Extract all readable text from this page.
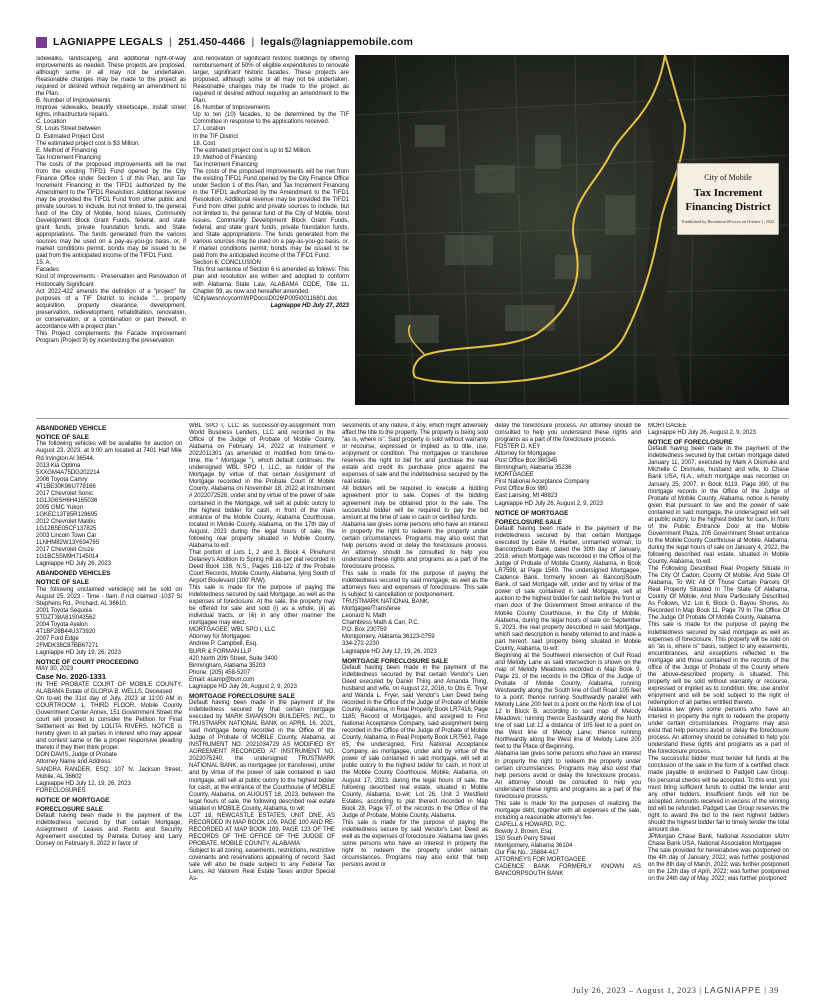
LAGNIAPPE LEGALS | 251.450-4466 | legals@lagniappemobile.com

sidewalks, landscaping, and additional right-of-way improvements as needed. These projects are proposed, although some or all may not be undertaken. Reasonable changes may be made to the project as required or desired without requiring an amendment to the Plan.

B. Number of Improvements

Improve sidewalks, beautify streetscape, install street lights, infrastructure repairs.

C. Location

St. Louis Street between

D. Estimated Project Cost

The estimated project cost is $3 Million.

E. Method of Financing

Tax Increment Financing

The costs of the proposed improvements will be met from the existing TIFD1 Fund opened by the City Finance Office under Section 1 of this Plan, and Tax Increment Financing in the TIFD1 authorized by the Amendment to the TIFD1 Resolution. Additional revenue may be provided the TIFD1 Fund from other public and private sources to include, but not limited to, the general fund of the City of Mobile, bond issues, Community Development Block Grant Funds, federal, and state grant funds, private foundation funds, and State appropriations. The funds generated from the various sources may be used on a pay-as-you-go basis, or, if market conditions permit, bonds may be issued to be paid from the anticipated income of the TIFD1 Fund.

15. A.

Facades

Kind of Improvements - Preservation and Renovation of Historically Significant

Act 2022-422 amends the definition of a "project" for purposes of a TIF District to include "... property acquisition, property clearance, development, preservation, redevelopment, rehabilitation, renovation, or conservation, or a combination or part thereof, in accordance with a project plan."

This Project complements the Facade Improvement Program (Project 9) by incentivizing the preservation

and renovation of significant historic buildings by offering reimbursement of 50% of eligible expenditures to renovate larger, significant historic facades. These projects are proposed, although some or all may not be undertaken. Reasonable changes may be made to the project as required or desired without requiring an amendment to the Plan.

16. Number of Improvements

Up to ten (10) facades, to be determined by the TIF Committee in response to the applications received.

17. Location

In the TIF District

18. Cost

The estimated project cost is up to $2 Million.

19. Method of Financing

Tax Increment Financing

The costs of the proposed improvements will be met from the existing TIFD1 Fund opened by the City Finance Office under Section 1 of this Plan, and Tax Increment Financing in the TIFD1 authorized by the Amendment to the TIFD1 Resolution. Additional revenue may be provided the TIFD1 Fund from other public and private sources to include, but not limited to, the general fund of the City of Mobile, bond issues, Community Development Block Grant Funds, federal, and state grant funds, private foundation funds, and State appropriations. The funds generated from the various sources may be used on a pay-as-you-go basis, or, if market conditions permit, bonds may be issued to be paid from the anticipated income of the TIFD1 Fund.

Section 6: CONCLUSION

This first sentence of Section 6 is amended as follows: This plan and resolution are written and adopted to conform with Alabama State Law, ALABAMA CODE, Title 11, Chapter 99, as now and hereafter amended.

\\Citylawsrv\cycom\WPDocs\D026\P005\00116801.doc

Lagniappe HD July 27, 2023

City of Mobile
Tax Increment
Financing District
Established by Resolution 60-xxxx on October 1, 2022

ABANDONED VEHICLE

NOTICE OF SALE

The following vehicles will be available for auction on August 23, 2023, at 9:00 am located at 7401 Half Mile Rd Irvington Al 36544.

2013 Kia Optima

5XXGM4A75DG202214

2006 Toyota Camry

4T1BE30K96U778166

2017 Chevrolet Sonic

1G1JG6SH6H4165036

2005 GMC Yukon

1GKEC13T85R128695

2012 Chevrolet Malibu

1G12B5E05CF137825

2003 Lincoln Town Car

1LNHM82W13Y634765

2017 Chevrolet Cruze

1G1BC5SM9H7145014

Lagniappe HD July 26, 2023

ABANDONED VEHICLES

NOTICE OF SALE

The following unclaimed vehicle(s) will be sold on August 25, 2023 - Time - 9am, if not claimed -1037 St Stephens Rd., Prichard, AL 36610.

2001 Toyota Sequoia

5TDZT38A81S043562

2004 Toyota Avalon

4T1BF28B44U373920

2007 Ford Edge

2FMDK38C87BB67271

Lagniappe HD July 19, 26, 2023

NOTICE OF COURT PROCEEDING

MAY 30, 2023

Case No. 2020-1331

IN THE PROBATE COURT OF MOBILE COUNTY, ALABAMA Estate of GLORIA B. WELLS, Deceased

On to-wit the 31st day of July, 2023 at 11:00 AM in COURTROOM 1, THIRD FLOOR, Mobile County Government Center Annex, 151 Government Street the court will proceed to consider the Petition for Final Settlement as filed by LOLITA RIVERS. NOTICE is hereby given to all parties in interest who may appear and contest same or file a proper responsive pleading thereto if they then think proper.

DON DAVIS, Judge of Probate

Attorney Name and Address:

SANDRA RANDER, ESQ. 107 N. Jackson Street, Mobile, AL 36602

Lagniappe HD July 12, 19, 26, 2023

FORECLOSURES

NOTICE OF MORTGAGE

FORECLOSURE SALE

Default having been made in the payment of the indebtedness secured by that certain Mortgage, Assignment of Leases and Rents and Security Agreement executed by Pamela Dorsey and Larry Dorsey on February 8, 2022 in favor of

WBL SPO I, LLC as successor-by-assignment from World Business Lenders, LLC and recorded in the Office of the Judge of Probate of Mobile County, Alabama on February 14, 2022 at Instrument # 2022011301 (as amended or modified from time-to-time, the " Mortgage "), which default continues, the undersigned WBL SPO I, LLC, as holder of the Mortgage by virtue of that certain Assignment of Mortgage recorded in the Probate Court of Mobile County, Alabama on November 18, 2022 at Instrument # 2022072528, under and by virtue of the power of sale contained in the Mortgage, will sell at public outcry to the highest bidder for cash, in front of the main entrance of the Mobile County, Alabama Courthouse, located in Mobile County, Alabama, on the 17th day of August, 2023 during the legal hours of sale, the following real property situated in Mobile County, Alabama to-wit:

That portion of Lots 1, 2 and 3, Block 4, Pinehurst Delaney's Addition to Spring Hill as per plat recorded in Deed Book 138, N.S., Pages 118-122 of the Probate Court Records, Mobile County, Alabama, lying South of Airport Boulevard (100' R/W).

This sale is made for the purpose of paying the indebtedness secured by said Mortgage, as well as the expenses of foreclosure. At the sale, the property may be offered for sale and sold (i) as a whole, (ii) as individual tracts, or (iii) in any other manner the mortgagee may elect.

MORTGAGEE: WBL SPO I, LLC

Attorney for Mortgagee:

Andrew P. Campbell, Esq.

BURR & FORMAN LLP

420 North 20th Street, Suite 3400

Birmingham, Alabama 35203

Phone: (205) 458-5207

Email: acamp@burr.com

Lagniappe HD July 26, August 2, 9, 2023

MORTGAGE FORECLOSURE SALE

Default having been made in the payment of the indebtedness secured by that certain mortgage executed by MARK SWANSON BUILDERS, INC., to TRUSTMARK NATIONAL BANK on APRIL 16, 2021, said mortgage being recorded in the Office of the Judge of Probate of MOBILE County, Alabama, at INSTRUMENT NO. 2021034729 AS MODIFIED BY AGREEMENT RECORDED AT INSTRUMENT NO. 2022075240, the undersigned TRUSTMARK NATIONAL BANK, as mortgagee (or transferee), under and by virtue of the power of sale contained in said mortgage, will sell at public outcry to the highest bidder for cash, at the entrance of the Courthouse of MOBILE County, Alabama, on AUGUST 18, 2023, between the legal hours of sale, the following described real estate situated in MOBILE County, Alabama, to wit:

LOT 18, NEWCASTLE ESTATES, UNIT ONE, AS RECORDED IN MAP BOOK 109, PAGE 100 AND RE-RECORDED AT MAP BOOK 109, PAGE 123 OF THE RECORDS OF THE OFFICE OF THE JUDGE OF PROBATE, MOBILE COUNTY, ALABAMA

Subject to all zoning, easements, restrictions, restrictive covenants and reservations appearing of record. Said sale will also be made subject to any Federal Tax Liens, Ad Valorem Real Estate Taxes and/or Special As-

sessments of any nature, if any, which might adversely affect the title to the property. The property is being sold "as is, where is". Said property is sold without warranty or recourse, expressed or implied as to title, use, enjoyment or condition. The mortgagee or transferee reserves the right to bid for and purchase the real estate and credit its purchase price against the expenses of sale and the indebtedness secured by the real estate.

All bidders will be required to execute a bidding agreement prior to sale. Copies of the bidding agreement may be obtained prior to the sale. The successful bidder will be required to pay the bid amount at the time of sale in cash or certified funds.

Alabama law gives some persons who have an interest in property the right to redeem the property under certain circumstances. Programs may also exist that help persons avoid or delay the foreclosure process. An attorney should be consulted to help you understand these rights and programs as a part of the foreclosure process.

This sale is made for the purpose of paying the indebtedness secured by said mortgage, as well as the attorneys fees and expenses of foreclosure. This sale is subject to cancellation or postponement.

TRUSTMARK NATIONAL BANK,

Mortgagee/Transferee

Leonard N. Math

Chambless Math & Carr, P.C.

P.O. Box 230759

Montgomery, Alabama 36123-0759

334-272-2230

Lagniappe HD July 12, 19, 26, 2023

MORTGAGE FORECLOSURE SALE

Default having been made in the payment of the indebtedness secured by that certain Vendor's Lien Deed executed by Daniel Thing and Amanda Thing, husband and wife, on August 22, 2016, to Otis E. Tryer and Wanda L. Fryer, said Vendor's Lien Deed being recorded in the Office of the Judge of Probate of Mobile County, Alabama, in Real Property Book LR7416, Page 1185; Record of Mortgages, and assigned to First National Acceptance Company, said assignment being recorded in the Office of the Judge of Probate of Mobile County, Alabama, in Real Property Book LR7561, Page 85, the undersigned, First National Acceptance Company, as mortgagee, under and by virtue of the power of sale contained in said mortgage, will sell at public outcry to the highest bidder for cash, in front of the Mobile County Courthouse, Mobile, Alabama, on August 17, 2023, during the legal hours of sale, the following described real estate, situated in Mobile County, Alabama, to-wit: Lot 26, Unit 2 Westfield Estates, according to plat thereof recorded in Map Book 28, Page 97, of the records in the Office of the Judge of Probate, Mobile County, Alabama.

This sale is made for the purpose of paying the indebtedness secure by said Vendor's Lien Deed as well as the expenses of foreclosure. Alabama law gives some persons who have an interest in property the right to redeem the property under certain circumstances. Programs may also exist that help persons avoid or

delay the foreclosure process. An attorney should be consulted to help you understand these rights and programs as a part of the foreclosure process.

FOSTER D. KEY

Attorney for Mortgagee

Post Office Box 360345

Birmingham, Alabama 35236

MORTGAGEE

First National Acceptance Company

Post Office Box 980

East Lansing, MI 48823

Lagniappe HD July 26, August 2, 9, 2023

NOTICE OF MORTGAGE

FORECLOSURE SALE

Default having been made in the payment of the indebtedness secured by that certain Mortgage executed by Leslie M. Harber, unmarried woman, to BancorpSouth Bank, dated the 30th day of January, 2018, which Mortgage was recorded in the Office of the Judge of Probate of Mobile County, Alabama, in Book LR7599, at Page 1569. The undersigned Mortgagee, Cadence Bank, formerly known as BancorpSouth Bank, of said Mortgage will, under and by virtue of the power of sale contained in said Mortgage, sell at auction to the highest bidder for cash before the front or main door of the Government Street entrance of the Mobile County Courthouse, in the City of Mobile, Alabama, during the legal hours of sale on September 5, 2023, the real property described in said Mortgage, which said description is hereby referred to and made a part hereof, said property being situated in Mobile County, Alabama, to-wit:

Beginning at the Southwest intersection of Gulf Road and Melody Lane as said intersection is shown on the map of Melody Meadows recorded in Map Book 9, Page 23, of the records in the Office of the Judge of Probate of Mobile County, Alabama, running Westwardly along the South line of Gulf Road 105 feet to a point; thence running Southwardly parallel with Melody Lane 200 feet to a point on the North line of Lot 12 in Block B, according to said map of Melody Meadows; running thence Eastwardly along the North line of said Lot 12 a distance of 105 feet to a point on the West line of Melody Lane; thence running Northwardly along the West line of Melody Lane 200 feet to the Place of Beginning.

Alabama law gives some persons who have an interest in property the right to redeem the property under certain circumstances. Programs may also exist that help persons avoid or delay the foreclosure process. An attorney should be consulted to help you understand these rights and programs as a part of the foreclosure process.

This sale is made for the purposes of realizing the mortgage debt, together with all expenses of the sale, including a reasonable attorney's fee.

CAPELL & HOWARD, P.C.

Bowdy J. Brown, Esq.

150 South Perry Street

Montgomery, Alabama 36104

Our File No.: 25884-417

ATTORNEYS FOR MORTGAGEE

CADENCE BANK FORMERLY KNOWN AS BANCORPSOUTH BANK

MORTGAGEE

Lagniappe HD July 26, August 2, 9, 2023

NOTICE OF FORECLOSURE

Default having been made in the payment of the indebtedness secured by that certain mortgage dated January 11, 2007, executed by Mark A Dismuke and Michelle C Dismuke, husband and wife, to Chase Bank USA, N.A., which mortgage was recorded on January 25, 2007, in Book 6119, Page 390, of the mortgage records in the Office of the Judge of Probate of Mobile County, Alabama, notice is hereby given that pursuant to law and the power of sale contained in said mortgage, the undersigned will sell at public outcry, to the highest bidder for cash, in front of the Public Entrance Door at the Mobile Government Plaza, 205 Government Street entrance to the Mobile County Courthouse at Mobile, Alabama, during the legal hours of sale on January 4, 2022, the following described real estate, situated in Mobile County, Alabama, to-wit:

The Following Described Real Property Situate In The City Of Cadon, County Of Mobile, And State Of Alabama, To Wit: All Of Those Certain Parcels Of Real Property Situated In The State Of Alabama, County Of Mobile, And More Particularly Described As Follows, Viz: Lot 6, Block G, Bayou Shores, As Recorded In Map Book 11, Page 79 In The Office Of The Judge Of Probate Of Mobile County, Alabama.

This sale is made for the purpose of paying the indebtedness secured by said mortgage as well as expenses of foreclosure. This property will be sold on an "as is, where is" basis, subject to any easements, encumbrances, and exceptions reflected in the mortgage and those contained in the records of the office of the Judge of Probate of the County where the above-described property is situated. This property will be sold without warranty or recourse, expressed or implied as to condition, title, use and/or enjoyment and will be sold subject to the right of redemption of all parties entitled thereto.

Alabama law gives some persons who have an interest in property the right to redeem the property under certain circumstances. Programs may also exist that help persons avoid or delay the foreclosure process. An attorney should be consulted to help you understand these rights and programs as a part of the foreclosure process.

The successful bidder must tender full funds at the conclusion of the sale in the form of a certified check made payable or endorsed to Padgett Law Group. No personal checks will be accepted. To this end, you must bring sufficient funds to outbid the lender and any other bidders. Insufficient funds will not be accepted. Amounts received in excess of the winning bid will be refunded. Padgett Law Group reserves the right to award the bid to the next highest bidders should the highest bidder fail to timely tender the total amount due.

JPMorgan Chase Bank, National Association s/b/m Chase Bank USA, National Association Mortgagee

The sale provided for hereinabove was postponed on the 4th day of January, 2022; was further postponed on the 8th day of March, 2022; was further postponed on the 12th day of April, 2022; was further postponed on the 24th day of May, 2022; was further postponed

July 26, 2023 – August 1, 2023 | LAGNIAPPE | 39
